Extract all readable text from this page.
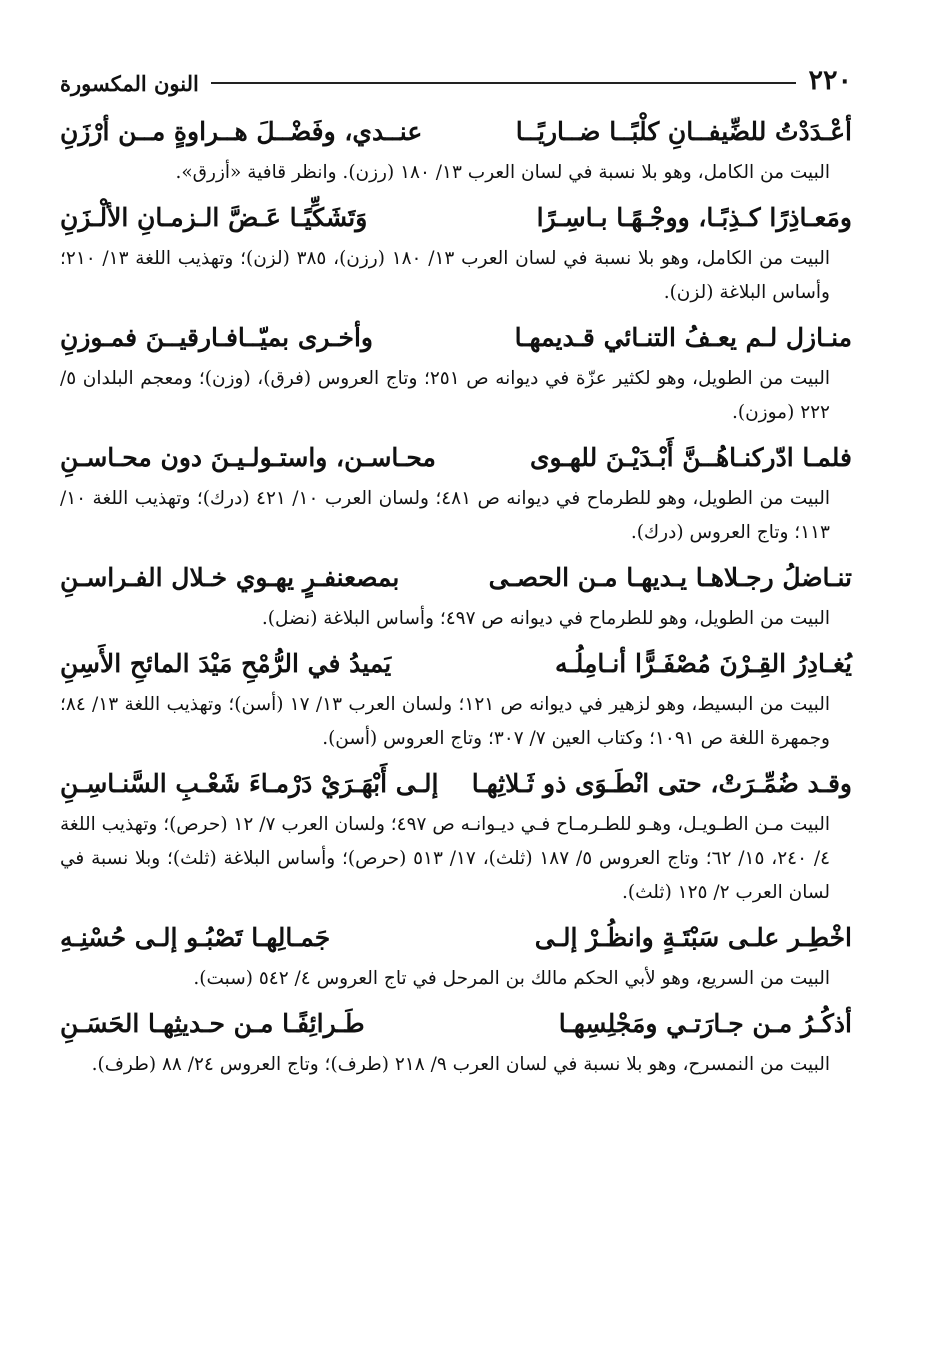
٢٢٠
النون المكسورة
أعْـدَدْتُ للضِّيفــانِ كلْبًــا ضــاريًــا
عنــدي، وفَضْــلَ هــراوةٍ مــن أرْزَنِ
البيت من الكامل، وهو بلا نسبة في لسان العرب ١٣/ ١٨٠ (رزن). وانظر قافية «أزرق».
ومَعـاذِرًا كـذِبًـا، ووجْـهًـا بـاسِـرًا
وَتَشَكِّيًـا عَـضَّ الـزمـانِ الألْـزَنِ
البيت من الكامل، وهو بلا نسبة في لسان العرب ١٣/ ١٨٠ (رزن)، ٣٨٥ (لزن)؛ وتهذيب اللغة ١٣/ ٢١٠؛ وأساس البلاغة (لزن).
منـازل لـم يعـفُ التنـائي قـديمهـا
وأخـرى بميّــافـارقيــنَ فمـوزنِ
البيت من الطويل، وهو لكثير عزّة في ديوانه ص ٢٥١؛ وتاج العروس (فرق)، (وزن)؛ ومعجم البلدان ٥/ ٢٢٢ (موزن).
فلمـا ادّركنـاهُــنَّ أَبْـدَيْـنَ للهـوى
محـاسـن، واستـولـيـنَ دون محـاسـنِ
البيت من الطويل، وهو للطرماح في ديوانه ص ٤٨١؛ ولسان العرب ١٠/ ٤٢١ (درك)؛ وتهذيب اللغة ١٠/ ١١٣؛ وتاج العروس (درك).
تنـاضلُ رجـلاهـا يـديهـا مـن الحصـى
بمصعنفـرٍ يهـوي خـلال الفـراسـنِ
البيت من الطويل، وهو للطرماح في ديوانه ص ٤٩٧؛ وأساس البلاغة (نضل).
يُغـادِرُ القِـرْنَ مُصْفَـرًّا أنـامِلُـه
يَميدُ في الرُّمْحِ مَيْدَ المائحِ الأَسِنِ
البيت من البسيط، وهو لزهير في ديوانه ص ١٢١؛ ولسان العرب ١٣/ ١٧ (أسن)؛ وتهذيب اللغة ١٣/ ٨٤؛ وجمهرة اللغة ص ١٠٩١؛ وكتاب العين ٧/ ٣٠٧؛ وتاج العروس (أسن).
وقـد ضُمِّـرَتْ، حتى انْطَـوَى ذو ثَـلاثِهـا
إلـى أَبْهَـرَيْ دَرْمـاءَ شَعْـبِ السَّنـاسِـنِ
البيت مـن الطـويـل، وهـو للطـرمـاح فـي ديـوانـه ص ٤٩٧؛ ولسان العرب ٧/ ١٢ (حرص)؛ وتهذيب اللغة ٤/ ٢٤٠، ١٥/ ٦٢؛ وتاج العروس ٥/ ١٨٧ (ثلث)، ١٧/ ٥١٣ (حرص)؛ وأساس البلاغة (ثلث)؛ وبلا نسبة في لسان العرب ٢/ ١٢٥ (ثلث).
اخْطِـر علـى سَبْتَـةٍ وانظُـرْ إلـى
جَمـالِهـا تَصْبُـو إلـى حُسْنِـهِ
البيت من السريع، وهو لأبي الحكم مالك بن المرحل في تاج العروس ٤/ ٥٤٢ (سبت).
أذكُـرُ مـن جـارَتـي ومَجْلِسِهـا
طَـرائِفًـا مـن حـديثِهـا الحَسَـنِ
البيت من النمسرح، وهو بلا نسبة في لسان العرب ٩/ ٢١٨ (طرف)؛ وتاج العروس ٢٤/ ٨٨ (طرف).
